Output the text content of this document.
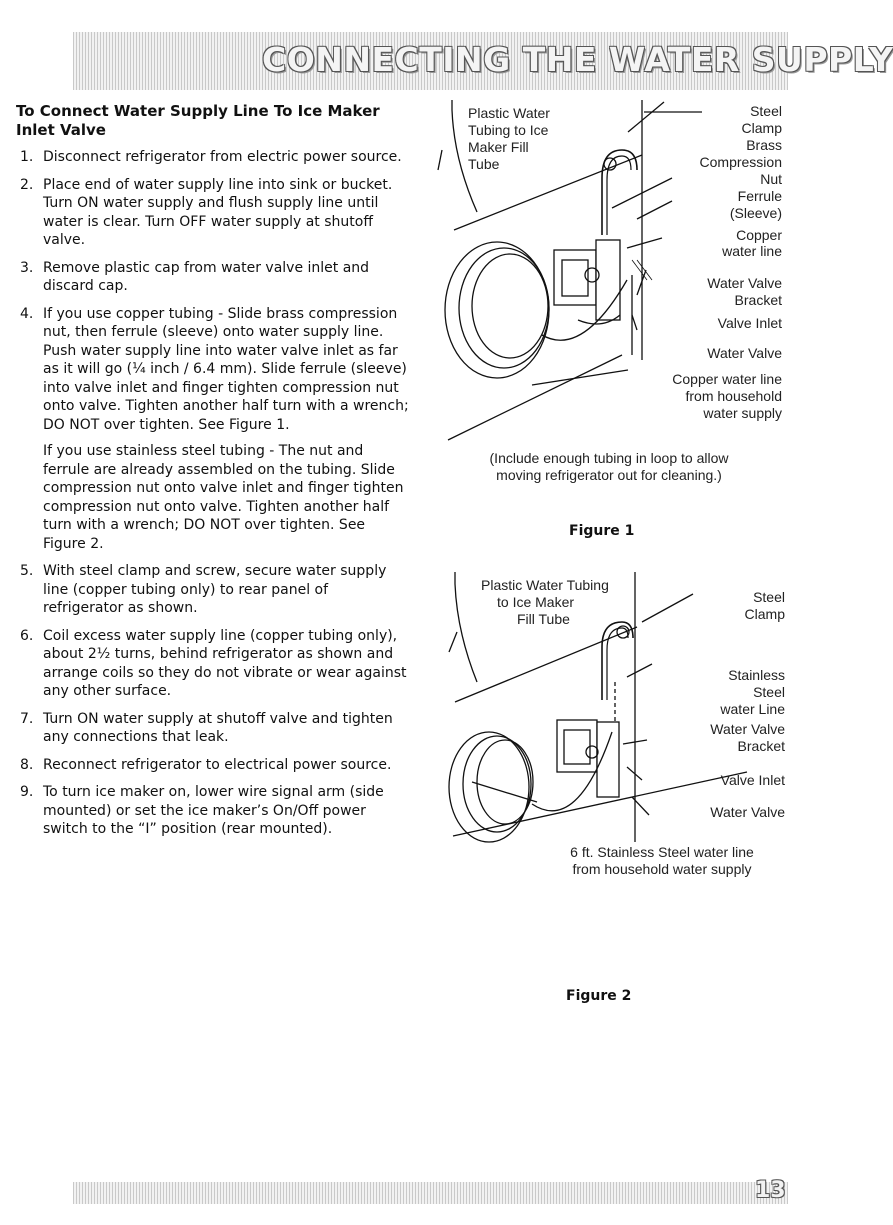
CONNECTING THE WATER SUPPLY
To Connect Water Supply Line To Ice Maker Inlet Valve
1. Disconnect refrigerator from electric power source.

2. Place end of water supply line into sink or bucket. Turn ON water supply and flush supply line until water is clear. Turn OFF water supply at shutoff valve.

3. Remove plastic cap from water valve inlet and discard cap.

4. If you use copper tubing - Slide brass compression nut, then ferrule (sleeve) onto water supply line. Push water supply line into water valve inlet as far as it will go (¼ inch / 6.4 mm). Slide ferrule (sleeve) into valve inlet and finger tighten compression nut onto valve. Tighten another half turn with a wrench; DO NOT over tighten. See Figure 1.

If you use stainless steel tubing - The nut and ferrule are already assembled on the tubing. Slide compression nut onto valve inlet and finger tighten compression nut onto valve. Tighten another half turn with a wrench; DO NOT over tighten. See Figure 2.

5. With steel clamp and screw, secure water supply line (copper tubing only) to rear panel of refrigerator as shown.

6. Coil excess water supply line (copper tubing only), about 2½ turns, behind refrigerator as shown and arrange coils so they do not vibrate or wear against any other surface.

7. Turn ON water supply at shutoff valve and tighten any connections that leak.

8. Reconnect refrigerator to electrical power source.

9. To turn ice maker on, lower wire signal arm (side mounted) or set the ice maker’s On/Off power switch to the “I” position (rear mounted).

Plastic Water
Tubing to Ice
Maker Fill
Tube
Steel
Clamp
Brass
Compression
Nut
Ferrule
(Sleeve)
Copper
water line
Water Valve
Bracket
Valve Inlet
Water Valve
Copper water line
from household
water supply
(Include enough tubing in loop to allow
moving refrigerator out for cleaning.)
Figure 1
Plastic Water Tubing
to Ice Maker
Fill Tube
Steel
Clamp
Stainless
Steel
water Line
Water Valve
Bracket
Valve Inlet
Water Valve
6 ft. Stainless Steel water line
from household water supply
Figure 2
13
